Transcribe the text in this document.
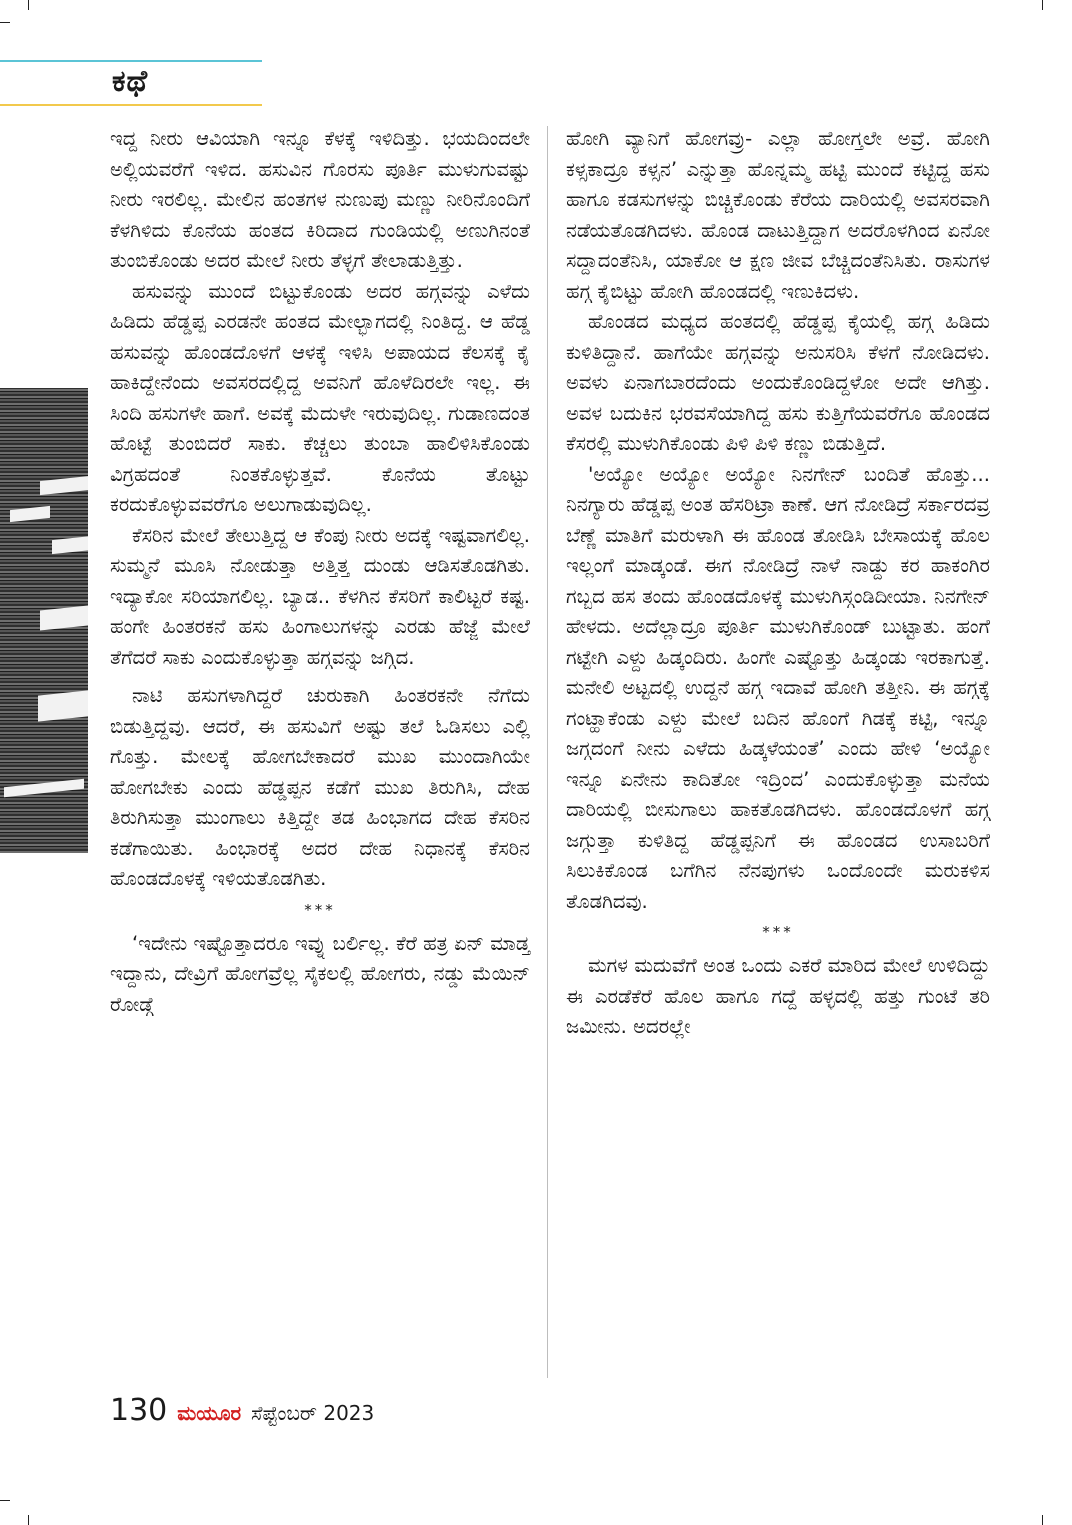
ಕಥೆ

ಇದ್ದ ನೀರು ಆವಿಯಾಗಿ ಇನ್ನೂ ಕೆಳಕ್ಕೆ ಇಳಿದಿತ್ತು. ಭಯದಿಂದಲೇ ಅಲ್ಲಿಯವರೆಗೆ ಇಳಿದ. ಹಸುವಿನ ಗೊರಸು ಪೂರ್ತಿ ಮುಳುಗುವಷ್ಟು ನೀರು ಇರಲಿಲ್ಲ. ಮೇಲಿನ ಹಂತಗಳ ನುಣುಪು ಮಣ್ಣು ನೀರಿನೊಂದಿಗೆ ಕೆಳಗಿಳಿದು ಕೊನೆಯ ಹಂತದ ಕಿರಿದಾದ ಗುಂಡಿಯಲ್ಲಿ ಅಣುಗಿನಂತೆ ತುಂಬಿಕೊಂಡು ಅದರ ಮೇಲೆ ನೀರು ತೆಳ್ಳಗೆ ತೇಲಾಡುತ್ತಿತ್ತು.

ಹಸುವನ್ನು ಮುಂದೆ ಬಿಟ್ಟುಕೊಂಡು ಅದರ ಹಗ್ಗವನ್ನು ಎಳೆದು ಹಿಡಿದು ಹೆಡ್ಡಪ್ಪ ಎರಡನೇ ಹಂತದ ಮೇಲ್ಭಾಗದಲ್ಲಿ ನಿಂತಿದ್ದ. ಆ ಹೆಡ್ಡ ಹಸುವನ್ನು ಹೊಂಡದೊಳಗೆ ಆಳಕ್ಕೆ ಇಳಿಸಿ ಅಪಾಯದ ಕೆಲಸಕ್ಕೆ ಕೈ ಹಾಕಿದ್ದೇನೆಂದು ಅವಸರದಲ್ಲಿದ್ದ ಅವನಿಗೆ ಹೊಳೆದಿರಲೇ ಇಲ್ಲ. ಈ ಸಿಂದಿ ಹಸುಗಳೇ ಹಾಗೆ. ಅವಕ್ಕೆ ಮೆದುಳೇ ಇರುವುದಿಲ್ಲ. ಗುಡಾಣದಂತ ಹೊಟ್ಟೆ ತುಂಬಿದರೆ ಸಾಕು. ಕೆಚ್ಚಲು ತುಂಬಾ ಹಾಲಿಳಿಸಿಕೊಂಡು ವಿಗ್ರಹದಂತೆ ನಿಂತಕೊಳ್ಳುತ್ತವೆ. ಕೊನೆಯ ತೊಟ್ಟು ಕರದುಕೊಳ್ಳುವವರೆಗೂ ಅಲುಗಾಡುವುದಿಲ್ಲ.

ಕೆಸರಿನ ಮೇಲೆ ತೇಲುತ್ತಿದ್ದ ಆ ಕೆಂಪು ನೀರು ಅದಕ್ಕೆ ಇಷ್ಟವಾಗಲಿಲ್ಲ. ಸುಮ್ಮನೆ ಮೂಸಿ ನೋಡುತ್ತಾ ಅತ್ತಿತ್ತ ದುಂಡು ಆಡಿಸತೊಡಗಿತು. ಇದ್ಯಾಕೋ ಸರಿಯಾಗಲಿಲ್ಲ. ಬ್ಯಾಡ.. ಕೆಳಗಿನ ಕೆಸರಿಗೆ ಕಾಲಿಟ್ಟರೆ ಕಷ್ಟ. ಹಂಗೇ ಹಿಂತರಕನೆ ಹಸು ಹಿಂಗಾಲುಗಳನ್ನು ಎರಡು ಹೆಜ್ಜೆ ಮೇಲೆ ತೆಗೆದರೆ ಸಾಕು ಎಂದುಕೊಳ್ಳುತ್ತಾ ಹಗ್ಗವನ್ನು ಜಗ್ಗಿದ.

ನಾಟಿ ಹಸುಗಳಾಗಿದ್ದರೆ ಚುರುಕಾಗಿ ಹಿಂತರಕನೇ ನೆಗೆದು ಬಿಡುತ್ತಿದ್ದವು. ಆದರೆ, ಈ ಹಸುವಿಗೆ ಅಷ್ಟು ತಲೆ ಓಡಿಸಲು ಎಲ್ಲಿ ಗೊತ್ತು. ಮೇಲಕ್ಕೆ ಹೋಗಬೇಕಾದರೆ ಮುಖ ಮುಂದಾಗಿಯೇ ಹೋಗಬೇಕು ಎಂದು ಹೆಡ್ಡಪ್ಪನ ಕಡೆಗೆ ಮುಖ ತಿರುಗಿಸಿ, ದೇಹ ತಿರುಗಿಸುತ್ತಾ ಮುಂಗಾಲು ಕಿತ್ತಿದ್ದೇ ತಡ ಹಿಂಭಾಗದ ದೇಹ ಕೆಸರಿನ ಕಡೆಗಾಯಿತು. ಹಿಂಭಾರಕ್ಕೆ ಅದರ ದೇಹ ನಿಧಾನಕ್ಕೆ ಕೆಸರಿನ ಹೊಂಡದೊಳಕ್ಕೆ ಇಳಿಯತೊಡಗಿತು.

***

‘ಇದೇನು ಇಷ್ಟೊತ್ತಾದರೂ ಇವ್ನು ಬರ್ಲಿಲ್ಲ. ಕೆರೆ ಹತ್ರ ಏನ್ ಮಾಡ್ತ ಇದ್ದಾನು, ದೇವ್ರಿಗೆ ಹೋಗವ್ರೆಲ್ಲ ಸೈಕಲಲ್ಲಿ ಹೋಗರು, ನಡ್ಡು ಮೆಯಿನ್ ರೋಡ್ಗೆ

ಹೋಗಿ ವ್ಯಾನಿಗೆ ಹೋಗವ್ರು- ಎಲ್ಲಾ ಹೋಗ್ತಲೇ ಅವ್ರೆ. ಹೋಗಿ ಕಳ್ಸಕಾದ್ರೂ ಕಳ್ಸನ’ ಎನ್ನುತ್ತಾ ಹೊನ್ನಮ್ಮ ಹಟ್ಟಿ ಮುಂದೆ ಕಟ್ಟಿದ್ದ ಹಸು ಹಾಗೂ ಕಡಸುಗಳನ್ನು ಬಿಚ್ಚಿಕೊಂಡು ಕೆರೆಯ ದಾರಿಯಲ್ಲಿ ಅವಸರವಾಗಿ ನಡೆಯತೊಡಗಿದಳು. ಹೊಂಡ ದಾಟುತ್ತಿದ್ದಾಗ ಅದರೊಳಗಿಂದ ಏನೋ ಸದ್ದಾದಂತೆನಿಸಿ, ಯಾಕೋ ಆ ಕ್ಷಣ ಜೀವ ಬೆಚ್ಚಿದಂತೆನಿಸಿತು. ರಾಸುಗಳ ಹಗ್ಗ ಕೈಬಿಟ್ಟು ಹೋಗಿ ಹೊಂಡದಲ್ಲಿ ಇಣುಕಿದಳು.

ಹೊಂಡದ ಮಧ್ಯದ ಹಂತದಲ್ಲಿ ಹೆಡ್ಡಪ್ಪ ಕೈಯಲ್ಲಿ ಹಗ್ಗ ಹಿಡಿದು ಕುಳಿತಿದ್ದಾನೆ. ಹಾಗೆಯೇ ಹಗ್ಗವನ್ನು ಅನುಸರಿಸಿ ಕೆಳಗೆ ನೋಡಿದಳು. ಅವಳು ಏನಾಗಬಾರದೆಂದು ಅಂದುಕೊಂಡಿದ್ದಳೋ ಅದೇ ಆಗಿತ್ತು. ಅವಳ ಬದುಕಿನ ಭರವಸೆಯಾಗಿದ್ದ ಹಸು ಕುತ್ತಿಗೆಯವರೆಗೂ ಹೊಂಡದ ಕೆಸರಲ್ಲಿ ಮುಳುಗಿಕೊಂಡು ಪಿಳಿ ಪಿಳಿ ಕಣ್ಣು ಬಿಡುತ್ತಿದೆ.

'ಅಯ್ಯೋ ಅಯ್ಯೋ ಅಯ್ಯೋ ನಿನಗೇನ್ ಬಂದಿತೆ ಹೊತ್ತು... ನಿನಗ್ಯಾರು ಹೆಡ್ಡಪ್ಪ ಅಂತ ಹೆಸರಿಟ್ರಾ ಕಾಣೆ. ಆಗ ನೋಡಿದ್ರೆ ಸರ್ಕಾರದವ್ರ ಬೆಣ್ಣೆ ಮಾತಿಗೆ ಮರುಳಾಗಿ ಈ ಹೊಂಡ ತೋಡಿಸಿ ಬೇಸಾಯಕ್ಕೆ ಹೊಲ ಇಲ್ಲಂಗೆ ಮಾಡ್ಕಂಡೆ. ಈಗ ನೋಡಿದ್ರೆ ನಾಳೆ ನಾಡ್ದು ಕರ ಹಾಕಂಗಿರ ಗಬ್ಬದ ಹಸ ತಂದು ಹೊಂಡದೊಳಕ್ಕೆ ಮುಳುಗಿಸ್ಗಂಡಿದೀಯಾ. ನಿನಗೇನ್ ಹೇಳದು. ಅದೆಲ್ಲಾದ್ರೂ ಪೂರ್ತಿ ಮುಳುಗಿಕೊಂಡ್ ಬುಟ್ಟಾತು. ಹಂಗೆ ಗಟ್ಟೇಗಿ ಎಳ್ದು ಹಿಡ್ಕಂದಿರು. ಹಿಂಗೇ ಎಷ್ಟೊತ್ತು ಹಿಡ್ಕಂಡು ಇರಕಾಗುತ್ತೆ. ಮನೇಲಿ ಅಟ್ಟದಲ್ಲಿ ಉದ್ದನೆ ಹಗ್ಗ ಇದಾವೆ ಹೋಗಿ ತತ್ತೀನಿ. ಈ ಹಗ್ಗಕ್ಕೆ ಗಂಟ್ಹಾಕೆಂಡು ಎಳ್ದು ಮೇಲೆ ಬದಿನ ಹೊಂಗೆ ಗಿಡಕ್ಕೆ ಕಟ್ಟಿ, ಇನ್ನೂ ಜಗ್ಗದಂಗೆ ನೀನು ಎಳೆದು ಹಿಡ್ಕಳೆಯಂತೆ’ ಎಂದು ಹೇಳಿ ‘ಅಯ್ಯೋ ಇನ್ನೂ ಏನೇನು ಕಾದಿತೋ ಇದ್ರಿಂದ’ ಎಂದುಕೊಳ್ಳುತ್ತಾ ಮನೆಯ ದಾರಿಯಲ್ಲಿ ಬೀಸುಗಾಲು ಹಾಕತೊಡಗಿದಳು. ಹೊಂಡದೊಳಗೆ ಹಗ್ಗ ಜಗ್ಗುತ್ತಾ ಕುಳಿತಿದ್ದ ಹೆಡ್ಡಪ್ಪನಿಗೆ ಈ ಹೊಂಡದ ಉಸಾಬರಿಗೆ ಸಿಲುಕಿಕೊಂಡ ಬಗೆಗಿನ ನೆನಪುಗಳು ಒಂದೊಂದೇ ಮರುಕಳಿಸ ತೊಡಗಿದವು.

***

ಮಗಳ ಮದುವೆಗೆ ಅಂತ ಒಂದು ಎಕರೆ ಮಾರಿದ ಮೇಲೆ ಉಳಿದಿದ್ದು ಈ ಎರಡೆಕೆರೆ ಹೊಲ ಹಾಗೂ ಗದ್ದೆ ಹಳ್ಳದಲ್ಲಿ ಹತ್ತು ಗುಂಟೆ ತರಿ ಜಮೀನು. ಅದರಲ್ಲೇ

130 ಮಯೂರ ಸೆಪ್ಟೆಂಬರ್ 2023
